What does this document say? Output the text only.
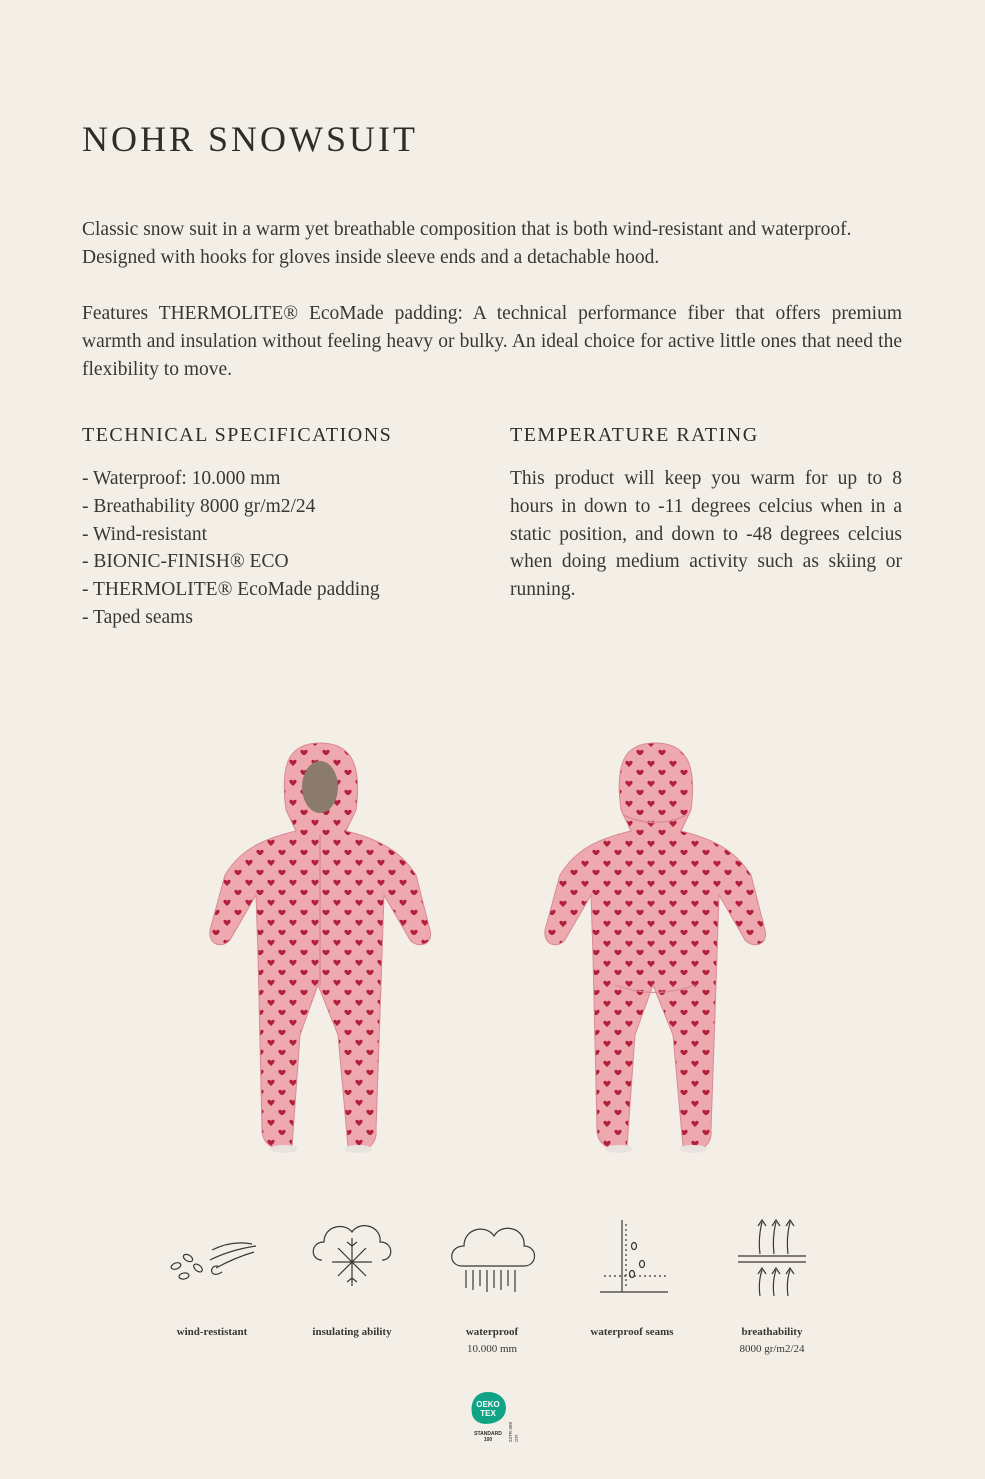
NOHR SNOWSUIT

Classic snow suit in a warm yet breathable composition that is both wind-resistant and waterproof. Designed with hooks for gloves inside sleeve ends and a detachable hood.

Features THERMOLITE® EcoMade padding: A technical performance fiber that offers premium warmth and insulation without feeling heavy or bulky. An ideal choice for active little ones that need the flexibility to move.

TECHNICAL SPECIFICATIONS
- Waterproof: 10.000 mm
- Breathability 8000 gr/m2/24
- Wind-resistant
- BIONIC-FINISH® ECO
- THERMOLITE® EcoMade padding
- Taped seams
TEMPERATURE RATING

This product will keep you warm for up to 8 hours in down to -11 degrees celcius when in a static position, and down to -48 degrees celcius when doing medium activity such as skiing or running.

wind-restistant	insulating ability	waterproof
10.000 mm
waterproof seams	breathability
8000 gr/m2/24
OEKO
TEX
STANDARD
100	23TR-399 OTI
